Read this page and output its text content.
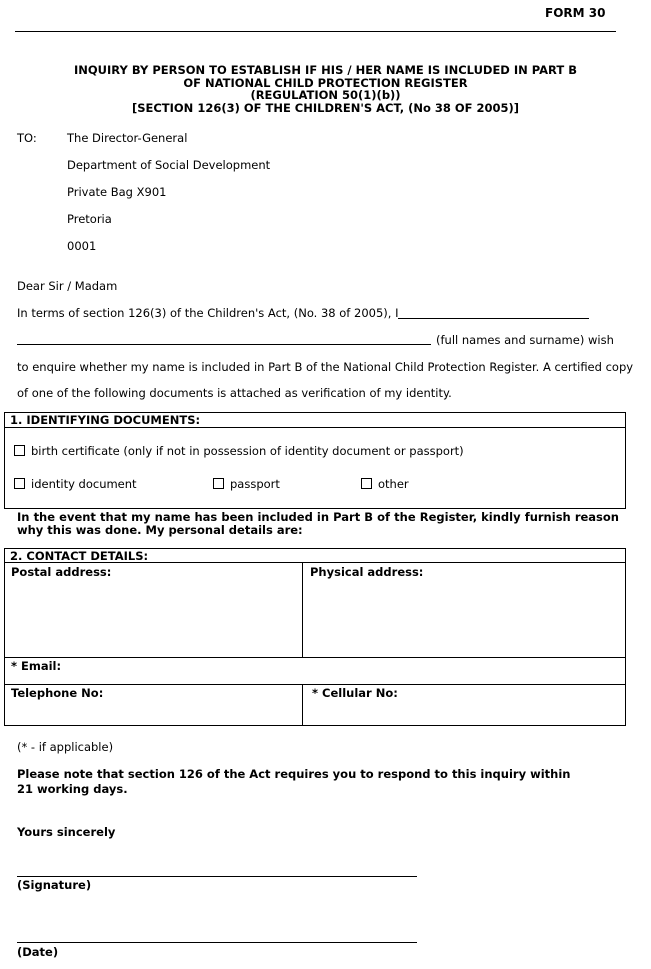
FORM 30
INQUIRY BY PERSON TO ESTABLISH IF HIS / HER NAME IS INCLUDED IN PART B
OF NATIONAL CHILD PROTECTION REGISTER
(REGULATION 50(1)(b))
[SECTION 126(3) OF THE CHILDREN'S ACT, (No 38 OF 2005)]
TO:	The Director-General
Department of Social Development
Private Bag X901
Pretoria
0001
Dear Sir / Madam
In terms of section 126(3) of the Children's Act, (No. 38 of 2005), I
(full names and surname) wish
to enquire whether my name is included in Part B of the National Child Protection Register. A certified copy
of one of the following documents is attached as verification of my identity.
1. IDENTIFYING DOCUMENTS:
birth certificate (only if not in possession of identity document or passport)
identity document	passport	other
In the event that my name has been included in Part B of the Register, kindly furnish reason
why this was done. My personal details are:
2. CONTACT DETAILS:
Postal address:	Physical address:
* Email:
Telephone No:	* Cellular No:
(* - if applicable)
Please note that section 126 of the Act requires you to respond to this inquiry within
21 working days.
Yours sincerely
(Signature)
(Date)
